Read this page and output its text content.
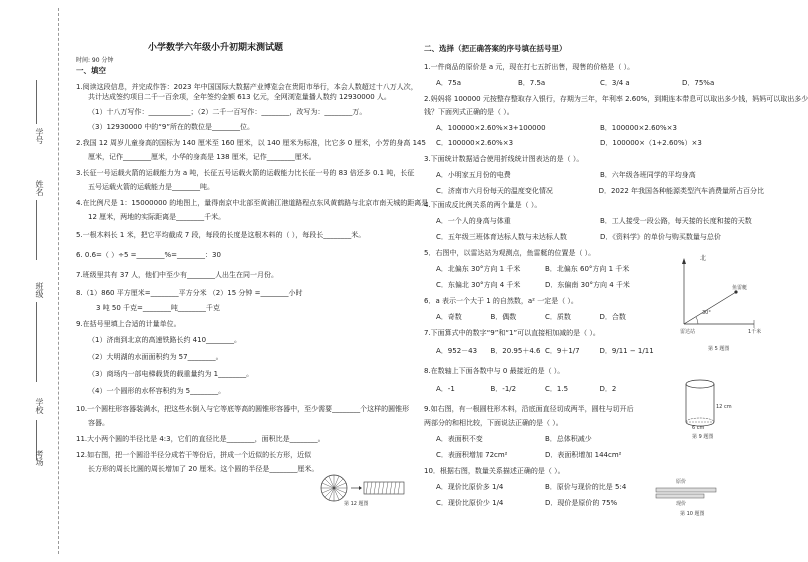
学号
姓名
班级
学校
考场
小学数学六年级小升初期末测试题
时间: 90 分钟
一、填空
1.阅读这段信息，并完成作答：2023 年中国国际大数据产业博览会在贵阳市举行，本会人数超过十八万人次，
共计达成签约项目二千一百余项，全年签约金额 613 亿元，全网浏览量播人数约 12930000 人。
（1）十八万写作：____________；（2）二千一百写作：________，改写为：________万。
（3）12930000 中的“9”所在的数位是________位。
2.我国 12 周岁儿童身高的国标为 140 厘米至 160 厘米，以 140 厘米为标准，比它多 0 厘米，小芳的身高 145
厘米，记作________厘米，小华的身高是 138 厘米，记作________厘米。
3.长征一号运载火箭的运载能力为 a 吨，长征五号运载火箭的运载能力比长征一号的 83 倍还多 0.1 吨，长征
五号运载火箭的运载能力是________吨。
4.在比例尺是 1：15000000 的地图上，量得南京中北部至黄浦江港道路程点东风黄鹤路与北京市南天城的距离是
12 厘米，两地的实际距离是________千米。
5.一根木料长 1 米，把它平均截成 7 段，每段的长度是这根木料的（ ），每段长________米。
6. 0.6=（ ）÷5 =________%=________：30
7.班级里共有 37 人，他们中至少有________人出生在同一月份。
8.（1）860 平方厘米=________平方分米 （2）15 分钟 =________小时
3 吨 50 千克=________吨________千克
9.在括号里填上合适的计量单位。
（1）济南到北京的高速铁路长约 410________。
（2）大明湖的水面面积约为 57________。
（3）商场内一部电梯载货的载重量约为 1________。
（4）一个圆形的水杯容积约为 5________。
10.一个圆柱形容器装满水，把这些水倒入与它等底等高的圆锥形容器中，至少需要________个这样的圆锥形
容器。
11.大小两个圆的半径比是 4:3，它们的直径比是________，面积比是________。
12.如右图，把一个圆沿半径分成若干等份后，拼成一个近似的长方形，近似
长方形的周长比圆的周长增加了 20 厘米。这个圆的半径是________厘米。
第 12 题图
二、选择（把正确答案的序号填在括号里）
1.一件商品的原价是 a 元，现在打七五折出售，现售的价格是（ ）。
A．75a	B．7.5a	C．3/4 a	D．75%a
2.妈妈将 100000 元按整存整取存入银行，存期为三年，年利率 2.60%，到期连本带息可以取出多少钱，妈妈可以取出多少
钱？下面列式正确的是（ ）。
A．100000×2.60%×3+100000	B．100000×2.60%×3
C．100000×2.60%×3	D．100000×（1+2.60%）×3
3.下面统计数据适合使用折线统计图表达的是（ ）。
A．小明家五月份的电费	B．六年级各班同学的平均身高
C．济南市六月份每天的温度变化情况	D．2022 年我国各种能源类型汽车消费量所占百分比
4.下面成反比例关系的两个量是（ ）。
A．一个人的身高与体重	B．工人接受一段公路，每天接的长度和接的天数
C．五年级三班体育达标人数与未达标人数	D．《资料学》的单价与购买数量与总价
5．右图中，以雷达站为观测点，鱼雷艇的位置是（ ）。
A．北偏东 30°方向 1 千米	B．北偏东 60°方向 1 千米
C．东偏北 30°方向 4 千米	D．东偏南 30°方向 4 千米
6．a 表示一个大于 1 的自然数，a² 一定是（ ）。
A．奇数	B．偶数	C．质数	D．合数
7.下面算式中的数字“9”和“1”可以直接相加减的是（ ）。
A．952－43	B．20.95＋4.6 C．9＋1/7	D．9/11 − 1/11
8.在数轴上下面各数中与 0 最接近的是（ ）。
A．-1	B．-1/2	C．1.5	D．2
9.如右图，有一根圆柱形木料，沿底面直径切成两半，圆柱与切开后
两部分的和相比较，下面说法正确的是（ ）。
A．表面积不变	B．总体积减少
C．表面积增加 72cm²	D．表面积增加 144cm²
10．根据右图，数量关系描述正确的是（ ）。
A．现价比原价多 1/4	B．原价与现价的比是 5:4
C．现价比原价少 1/4	D．现价是原价的 75%
北
鱼雷艇
30°
雷达站	1千米
第 5 题图
12 cm
6 cm
第 9 题图
原价
现价
第 10 题图
